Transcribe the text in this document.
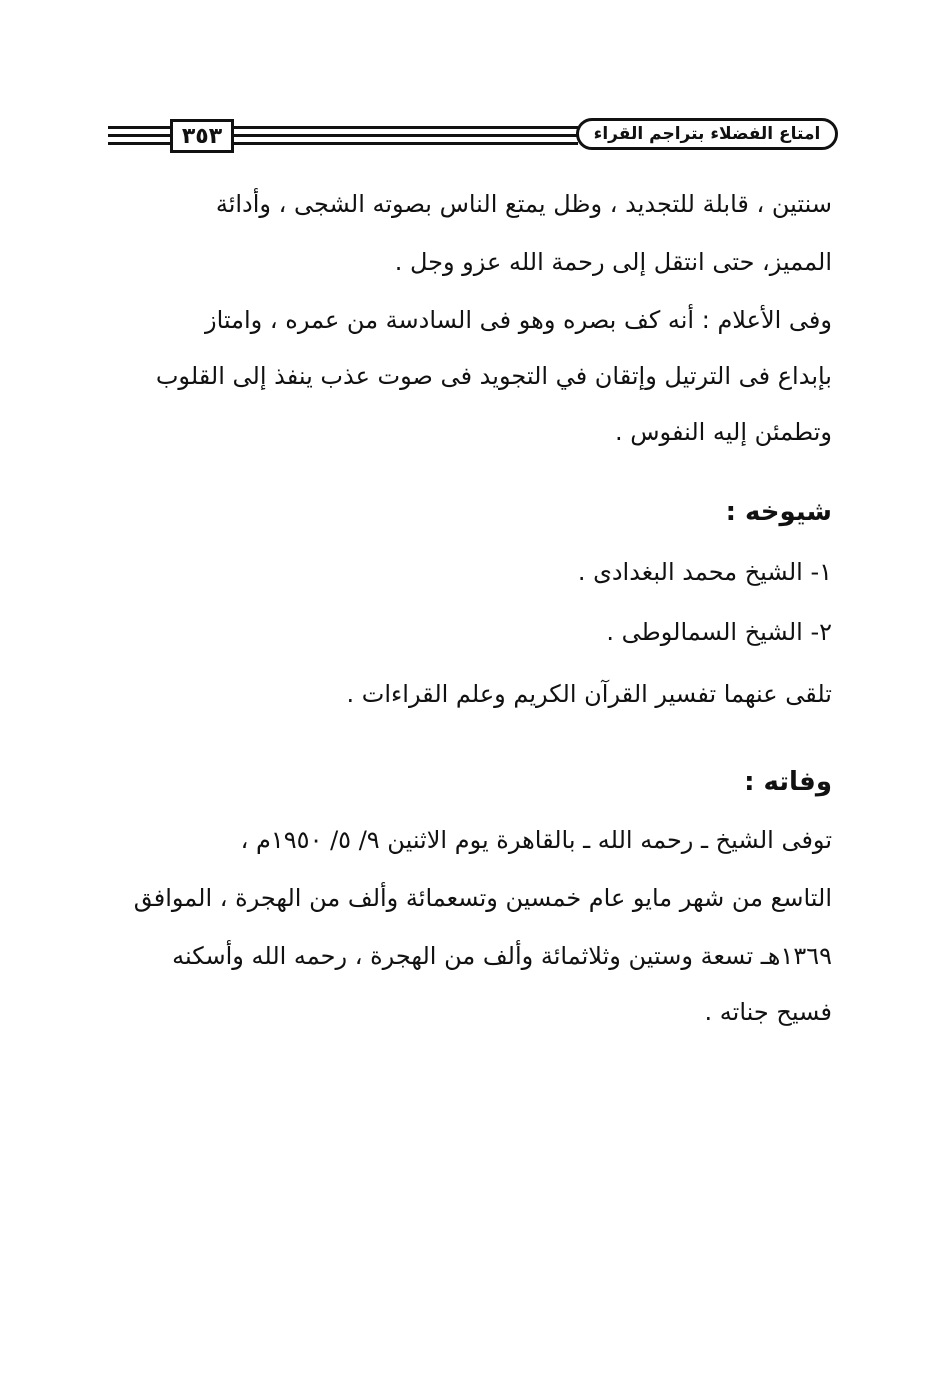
٣٥٣	امتاع الفضلاء بتراجم القراء
سنتين ، قابلة للتجديد ، وظل يمتع الناس بصوته الشجى ، وأدائة
المميز، حتى انتقل إلى رحمة الله عزو وجل .
وفى الأعلام : أنه كف بصره وهو فى السادسة من عمره ، وامتاز
بإبداع فى الترتيل وإتقان في التجويد فى صوت عذب ينفذ إلى القلوب
وتطمئن إليه النفوس .
شيوخه :
١- الشيخ محمد البغدادى .
٢- الشيخ السمالوطى .
تلقى عنهما تفسير القرآن الكريم وعلم القراءات .
وفاته :
توفى الشيخ ـ رحمه الله ـ بالقاهرة يوم الاثنين ٩/ ٥/ ١٩٥٠م ،
التاسع من شهر مايو عام خمسين وتسعمائة وألف من الهجرة ، الموافق
١٣٦٩هـ تسعة وستين وثلاثمائة وألف من الهجرة ، رحمه الله وأسكنه
فسيح جناته .
